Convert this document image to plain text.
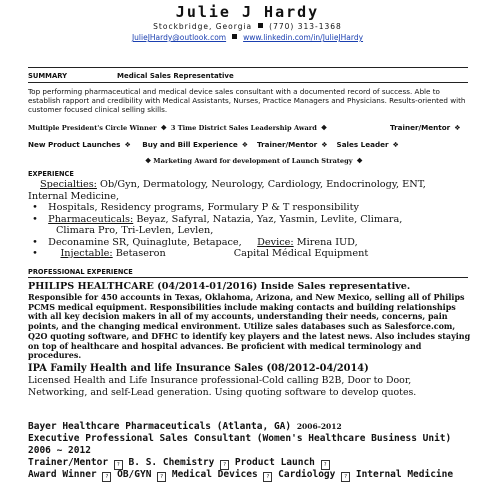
Julie J Hardy
Stockbridge, Georgia (770) 313-1368
JulieJHardy@outlook.com www.linkedin.com/in/JulieJHardy
SUMMARY	Medical Sales Representative
Top performing pharmaceutical and medical device sales consultant with a documented record of success. Able to establish rapport and credibility with Medical Assistants, Nurses, Practice Managers and Physicians. Results-oriented with customer focused clinical selling skills.
Multiple President's Circle Winner ❖ 3 Time District Sales Leadership Award ❖	Trainer/Mentor ❖
New Product Launches ❖ Buy and Bill Experience ❖ Trainer/Mentor ❖ Sales Leader ❖
❖ Marketing Award for development of Launch Strategy ❖
EXPERIENCE
Specialties: Ob/Gyn, Dermatology, Neurology, Cardiology, Endocrinology, ENT,
Internal Medicine,
• Hospitals, Residency programs, Formulary P & T responsibility
• Pharmaceuticals: Beyaz, Safyral, Natazia, Yaz, Yasmin, Levlite, Climara,
Climara Pro, Tri-Levlen, Levlen,
• Deconamine SR, Quinaglute, Betapace, Device: Mirena IUD,
• Injectable: Betaseron	Capital Médical Equipment
PROFESSIONAL EXPERIENCE
PHILIPS HEALTHCARE (04/2014-01/2016) Inside Sales representative.
Responsible for 450 accounts in Texas, Oklahoma, Arizona, and New Mexico, selling all of Philips PCMS medical equipment. Responsibilities include making contacts and building relationships with all key decision makers in all of my accounts, understanding their needs, concerns, pain points, and the changing medical environment. Utilize sales databases such as Salesforce.com, Q2O quoting software, and DFHC to identify key players and the latest news. Also includes staying on top of healthcare and hospital advances. Be proficient with medical terminology and procedures.
IPA Family Health and life Insurance Sales (08/2012-04/2014)
Licensed Health and Life Insurance professional-Cold calling B2B, Door to Door, Networking, and self-Lead generation. Using quoting software to develop quotes.
Bayer Healthcare Pharmaceuticals (Atlanta, GA) 2006-2012
Executive Professional Sales Consultant (Women's Healthcare Business Unit)
2006 ~ 2012
Trainer/Mentor ? B. S. Chemistry ? Product Launch ?
Award Winner ? OB/GYN ? Medical Devices ? Cardiology ? Internal Medicine
